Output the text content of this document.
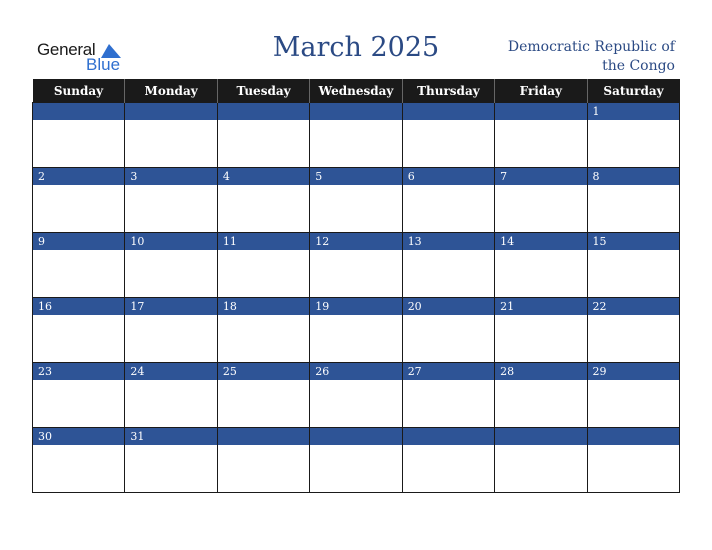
General
Blue
March 2025	Democratic Republic of the Congo
Sunday	Monday	Tuesday	Wednesday	Thursday	Friday	Saturday

						1

2	3	4	5	6	7	8

9	10	11	12	13	14	15

16	17	18	19	20	21	22

23	24	25	26	27	28	29

30	31					
